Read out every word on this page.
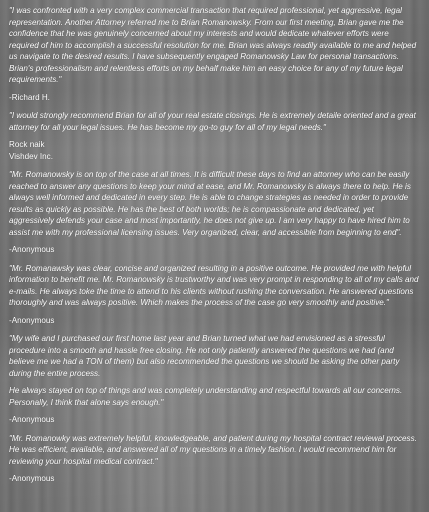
"I was confronted with a very complex commercial transaction that required professional, yet aggressive, legal representation. Another Attorney referred me to Brian Romanowsky. From our first meeting, Brian gave me the confidence that he was genuinely concerned about my interests and would dedicate whatever efforts were required of him to accomplish a successful resolution for me. Brian was always readily available to me and helped us navigate to the desired results. I have subsequently engaged Romanowsky Law for personal transactions. Brian's professionalism and relentless efforts on my behalf make him an easy choice for any of my future legal requirements."

-Richard H.

"I would strongly recommend Brian for all of your real estate closings. He is extremely detaile oriented and a great attorney for all your legal issues. He has become my go-to guy for all of my legal needs."

Rock naik

Vishdev Inc.

"Mr. Romanowsky is on top of the case at all times. It is difficult these days to find an attorney who can be easily reached to answer any questions to keep your mind at ease, and Mr. Romanowsky is always there to help. He is always well informed and dedicated in every step. He is able to change strategies as needed in order to provide results as quickly as possible. He has the best of both worlds; he is compassionate and dedicated, yet aggressively defends your case and most importantly, he does not give up. I am very happy to have hired him to assist me with my professional licensing issues. Very organized, clear, and accessible from beginning to end".

-Anonymous

"Mr. Romanawsky was clear, concise and organized resulting in a positive outcome. He provided me with helpful information to benefit me. Mr. Romanowsky is trustworthy and was very prompt in responding to all of my calls and e-mails. He always toke the time to attend to his clients without rushing the conversation. He answered questions thoroughly and was always positive. Which makes the process of the case go very smoothly and positive."

-Anonymous

"My wife and I purchased our first home last year and Brian turned what we had envisioned as a stressful procedure into a smooth and hassle free closing. He not only patiently answered the questions we had (and believe me we had a TON of them) but also recommended the questions we should be asking the other party during the entire process.

He always stayed on top of things and was completely understanding and respectful towards all our concerns. Personally, I think that alone says enough."

-Anonymous

"Mr. Romanowky was extremely helpful, knowledgeable, and patient during my hospital contract reviewal process. He was efficient, available, and answered all of my questions in a timely fashion. I would recommend him for reviewing your hospital medical contract."

-Anonymous
